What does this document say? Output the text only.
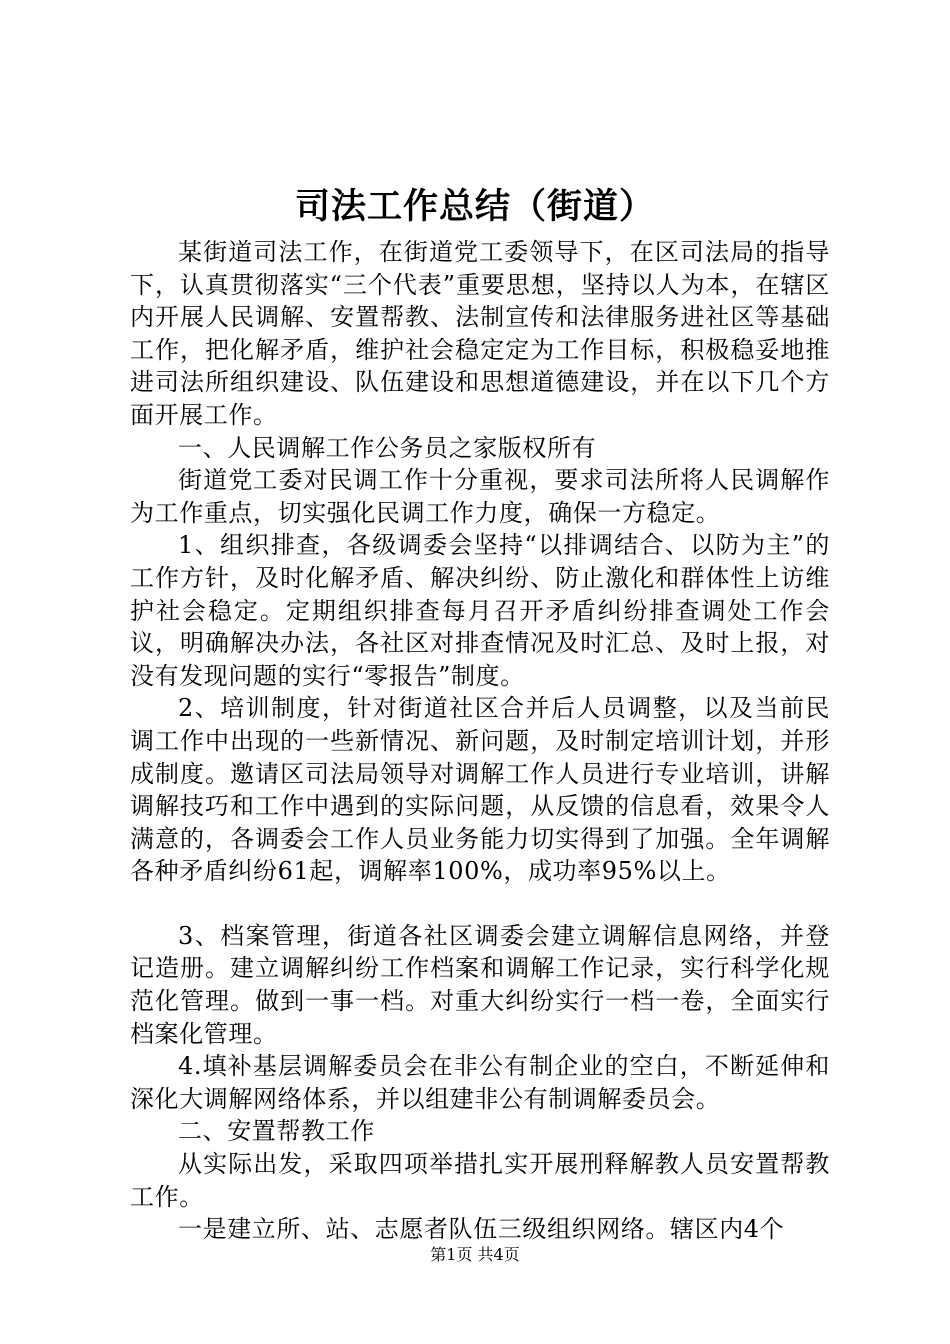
司法工作总结（街道）

某街道司法工作，在街道党工委领导下，在区司法局的指导下，认真贯彻落实“三个代表”重要思想，坚持以人为本，在辖区内开展人民调解、安置帮教、法制宣传和法律服务进社区等基础工作，把化解矛盾，维护社会稳定定为工作目标，积极稳妥地推进司法所组织建设、队伍建设和思想道德建设，并在以下几个方面开展工作。

一、人民调解工作公务员之家版权所有

街道党工委对民调工作十分重视，要求司法所将人民调解作为工作重点，切实强化民调工作力度，确保一方稳定。

1、组织排查，各级调委会坚持“以排调结合、以防为主”的工作方针，及时化解矛盾、解决纠纷、防止激化和群体性上访维护社会稳定。定期组织排查每月召开矛盾纠纷排查调处工作会议，明确解决办法，各社区对排查情况及时汇总、及时上报，对没有发现问题的实行“零报告”制度。

2、培训制度，针对街道社区合并后人员调整，以及当前民调工作中出现的一些新情况、新问题，及时制定培训计划，并形成制度。邀请区司法局领导对调解工作人员进行专业培训，讲解调解技巧和工作中遇到的实际问题，从反馈的信息看，效果令人满意的，各调委会工作人员业务能力切实得到了加强。全年调解各种矛盾纠纷61起，调解率100%，成功率95%以上。

3、档案管理，街道各社区调委会建立调解信息网络，并登记造册。建立调解纠纷工作档案和调解工作记录，实行科学化规范化管理。做到一事一档。对重大纠纷实行一档一卷，全面实行档案化管理。

4.填补基层调解委员会在非公有制企业的空白，不断延伸和深化大调解网络体系，并以组建非公有制调解委员会。

二、安置帮教工作

从实际出发，采取四项举措扎实开展刑释解教人员安置帮教工作。

一是建立所、站、志愿者队伍三级组织网络。辖区内4个

第1页 共4页
